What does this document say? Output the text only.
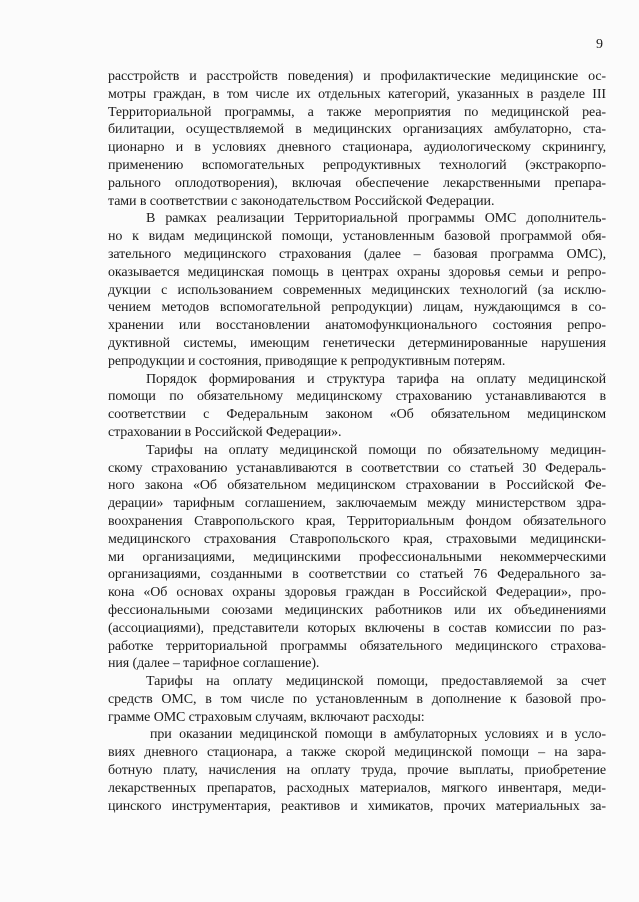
9
расстройств и расстройств поведения) и профилактические медицинские ос-
мотры граждан, в том числе их отдельных категорий, указанных в разделе III
Территориальной программы, а также мероприятия по медицинской реа-
билитации, осуществляемой в медицинских организациях амбулаторно, ста-
ционарно и в условиях дневного стационара, аудиологическому скринингу,
применению вспомогательных репродуктивных технологий (экстракорпо-
рального оплодотворения), включая обеспечение лекарственными препара-
тами в соответствии с законодательством Российской Федерации.
В рамках реализации Территориальной программы ОМС дополнитель-
но к видам медицинской помощи, установленным базовой программой обя-
зательного медицинского страхования (далее – базовая программа ОМС),
оказывается медицинская помощь в центрах охраны здоровья семьи и репро-
дукции с использованием современных медицинских технологий (за исклю-
чением методов вспомогательной репродукции) лицам, нуждающимся в со-
хранении или восстановлении анатомофункционального состояния репро-
дуктивной системы, имеющим генетически детерминированные нарушения
репродукции и состояния, приводящие к репродуктивным потерям.
Порядок формирования и структура тарифа на оплату медицинской
помощи по обязательному медицинскому страхованию устанавливаются в
соответствии с Федеральным законом «Об обязательном медицинском
страховании в Российской Федерации».
Тарифы на оплату медицинской помощи по обязательному медицин-
скому страхованию устанавливаются в соответствии со статьей 30 Федераль-
ного закона «Об обязательном медицинском страховании в Российской Фе-
дерации» тарифным соглашением, заключаемым между министерством здра-
воохранения Ставропольского края, Территориальным фондом обязательного
медицинского страхования Ставропольского края, страховыми медицински-
ми организациями, медицинскими профессиональными некоммерческими
организациями, созданными в соответствии со статьей 76 Федерального за-
кона «Об основах охраны здоровья граждан в Российской Федерации», про-
фессиональными союзами медицинских работников или их объединениями
(ассоциациями), представители которых включены в состав комиссии по раз-
работке территориальной программы обязательного медицинского страхова-
ния (далее – тарифное соглашение).
Тарифы на оплату медицинской помощи, предоставляемой за счет
средств ОМС, в том числе по установленным в дополнение к базовой про-
грамме ОМС страховым случаям, включают расходы:
при оказании медицинской помощи в амбулаторных условиях и в усло-
виях дневного стационара, а также скорой медицинской помощи – на зара-
ботную плату, начисления на оплату труда, прочие выплаты, приобретение
лекарственных препаратов, расходных материалов, мягкого инвентаря, меди-
цинского инструментария, реактивов и химикатов, прочих материальных за-
